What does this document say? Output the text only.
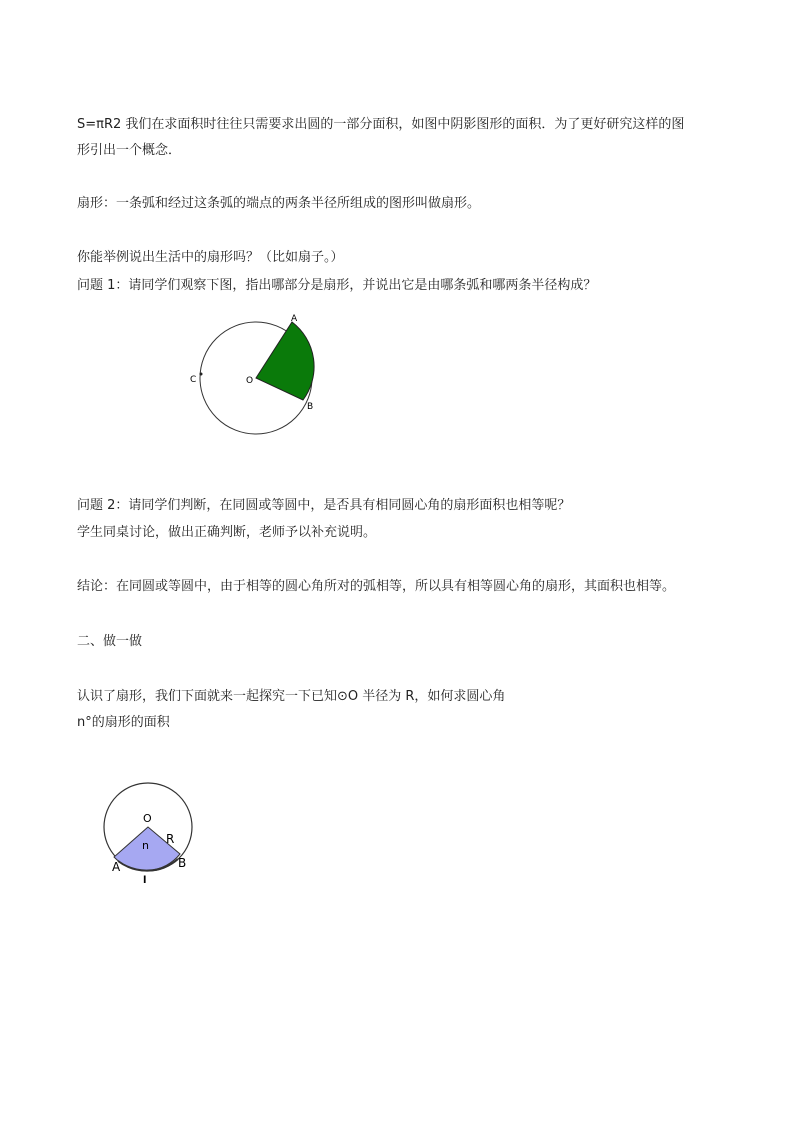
S=πR2 我们在求面积时往往只需要求出圆的一部分面积，如图中阴影图形的面积．为了更好研究这样的图
形引出一个概念．
扇形：一条弧和经过这条弧的端点的两条半径所组成的图形叫做扇形。
你能举例说出生活中的扇形吗？（比如扇子。）
问题 1：请同学们观察下图，指出哪部分是扇形，并说出它是由哪条弧和哪两条半径构成？
A
B
C	O
问题 2：请同学们判断，在同圆或等圆中，是否具有相同圆心角的扇形面积也相等呢？
学生同桌讨论，做出正确判断，老师予以补充说明。
结论：在同圆或等圆中，由于相等的圆心角所对的弧相等，所以具有相等圆心角的扇形，其面积也相等。
二、做一做
认识了扇形，我们下面就来一起探究一下已知⊙O 半径为 R，如何求圆心角
n°的扇形的面积
O
R
n
A	B
l
